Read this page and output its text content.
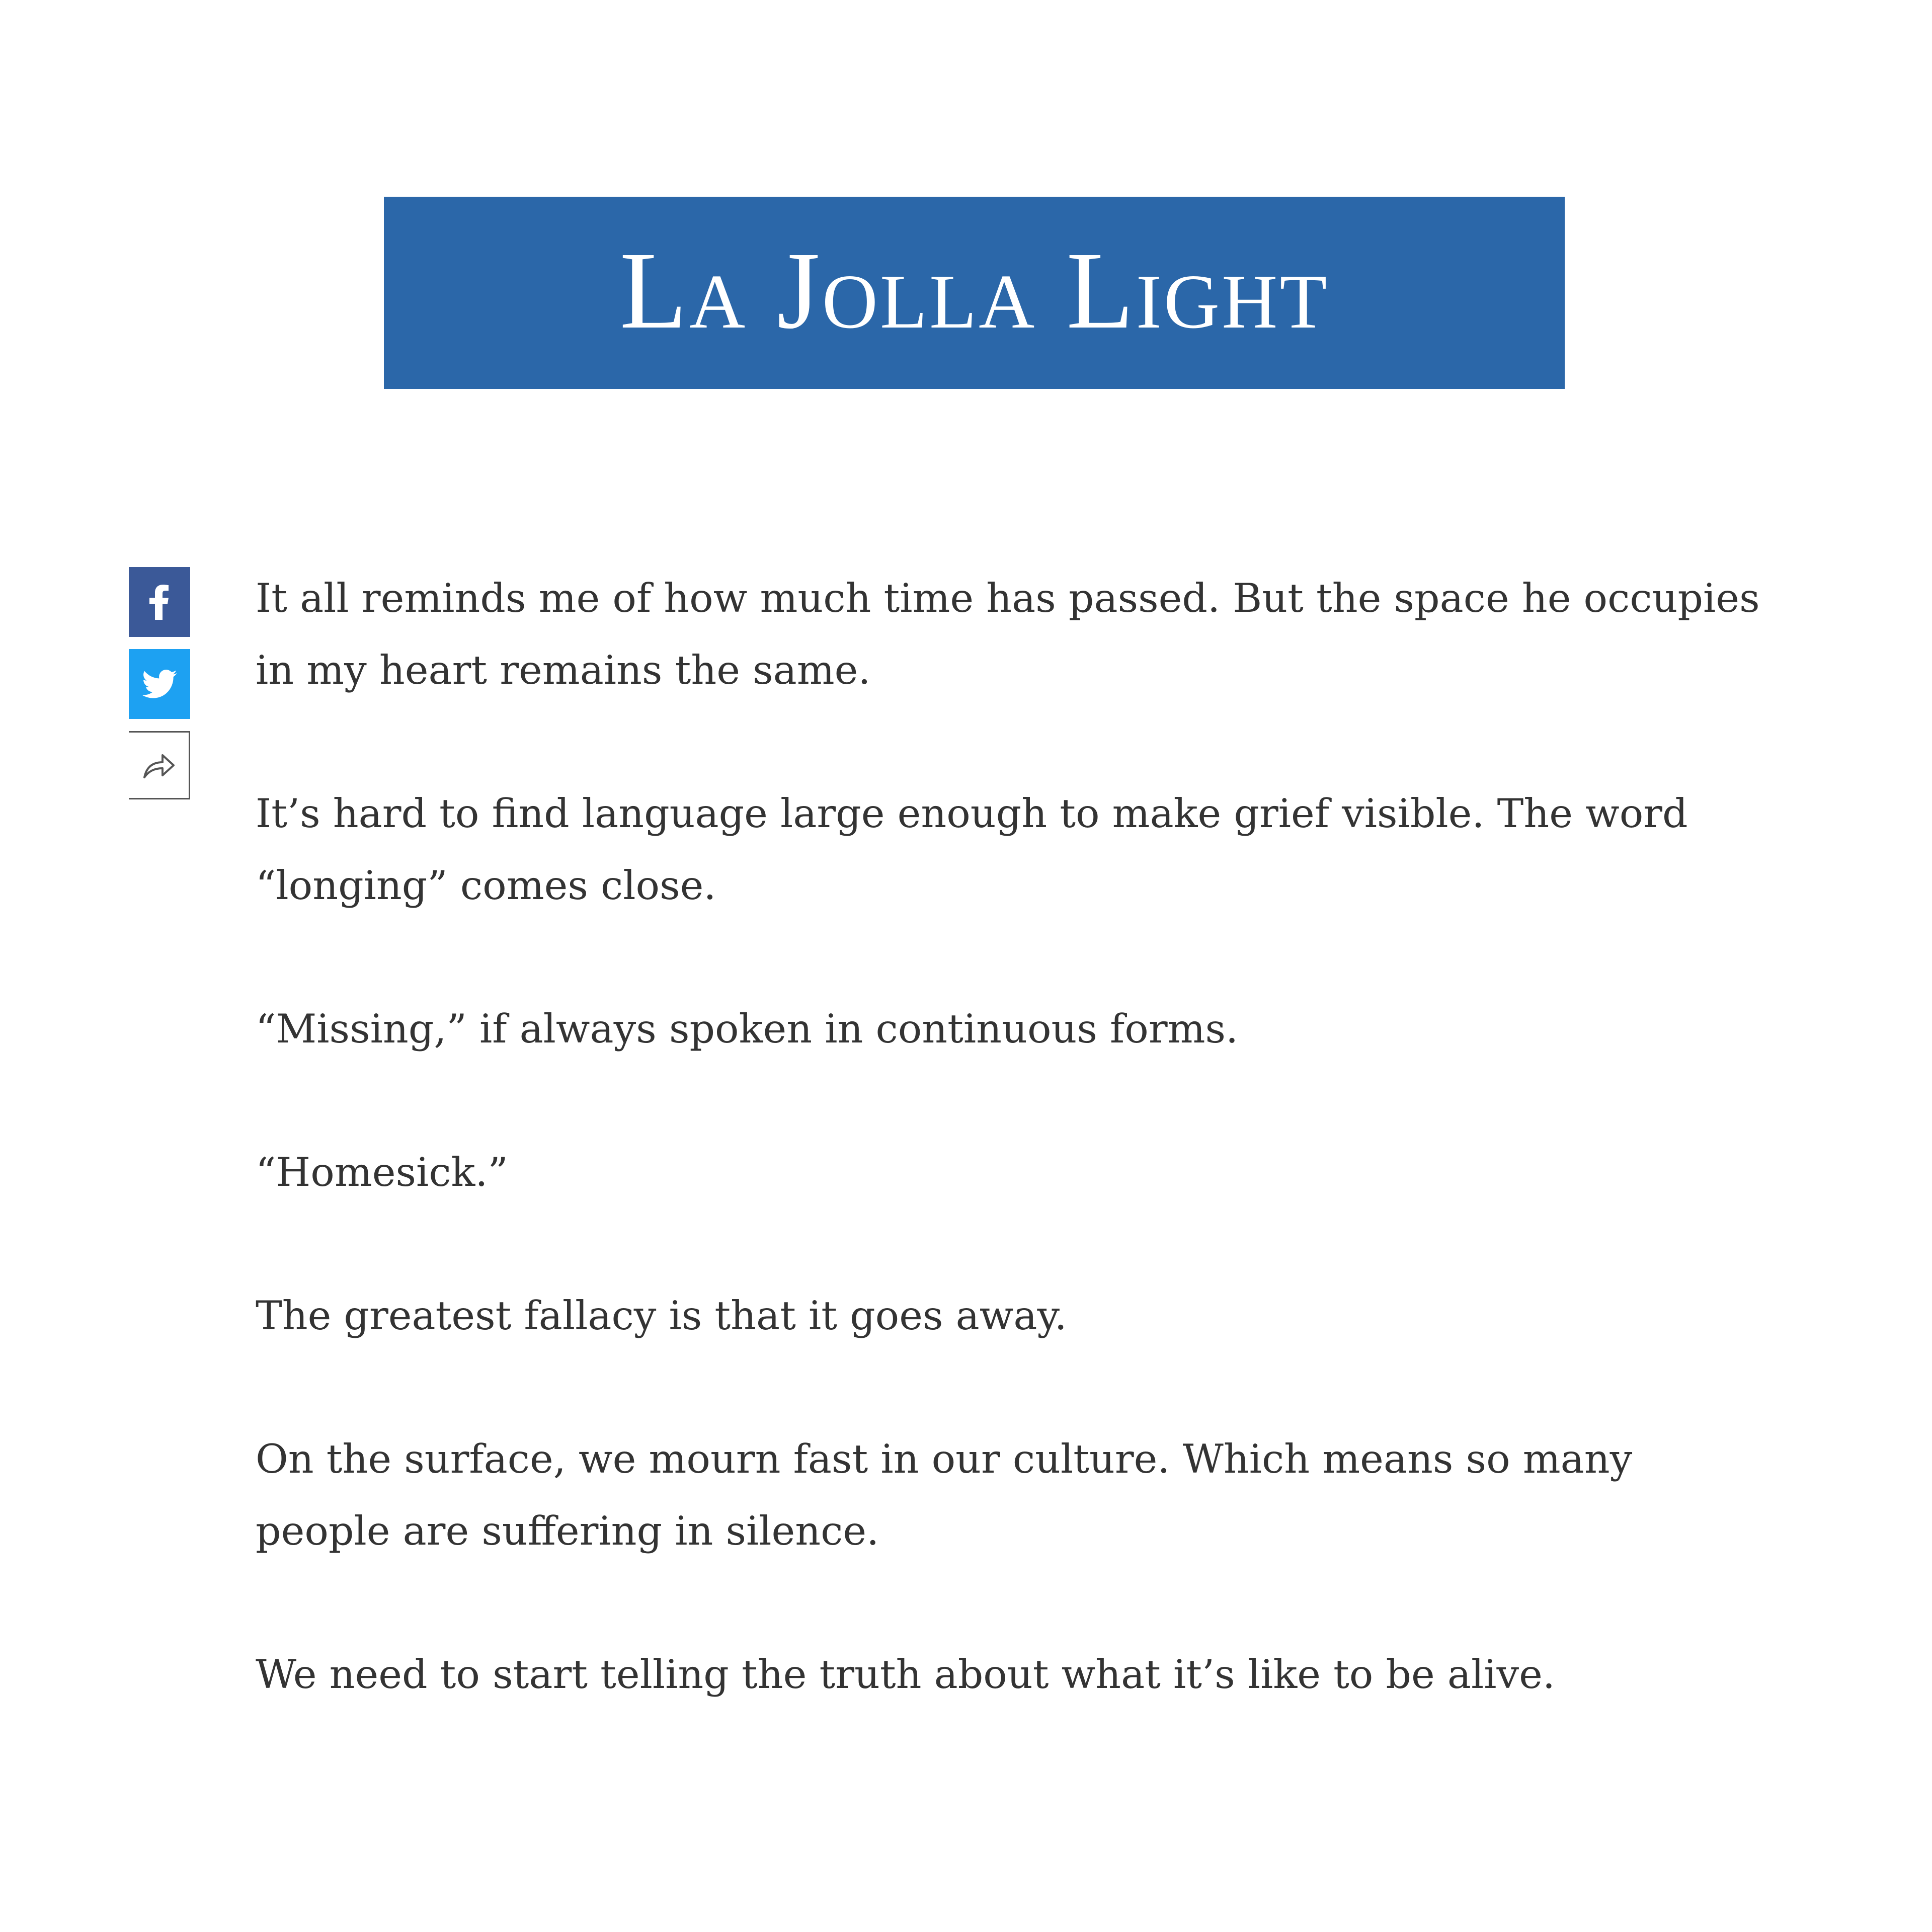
La Jolla Light

It all reminds me of how much time has passed. But the space he occupies in my heart remains the same.

It’s hard to find language large enough to make grief visible. The word “longing” comes close.

“Missing,” if always spoken in continuous forms.

“Homesick.”

The greatest fallacy is that it goes away.

On the surface, we mourn fast in our culture. Which means so many people are suffering in silence.

We need to start telling the truth about what it’s like to be alive.
